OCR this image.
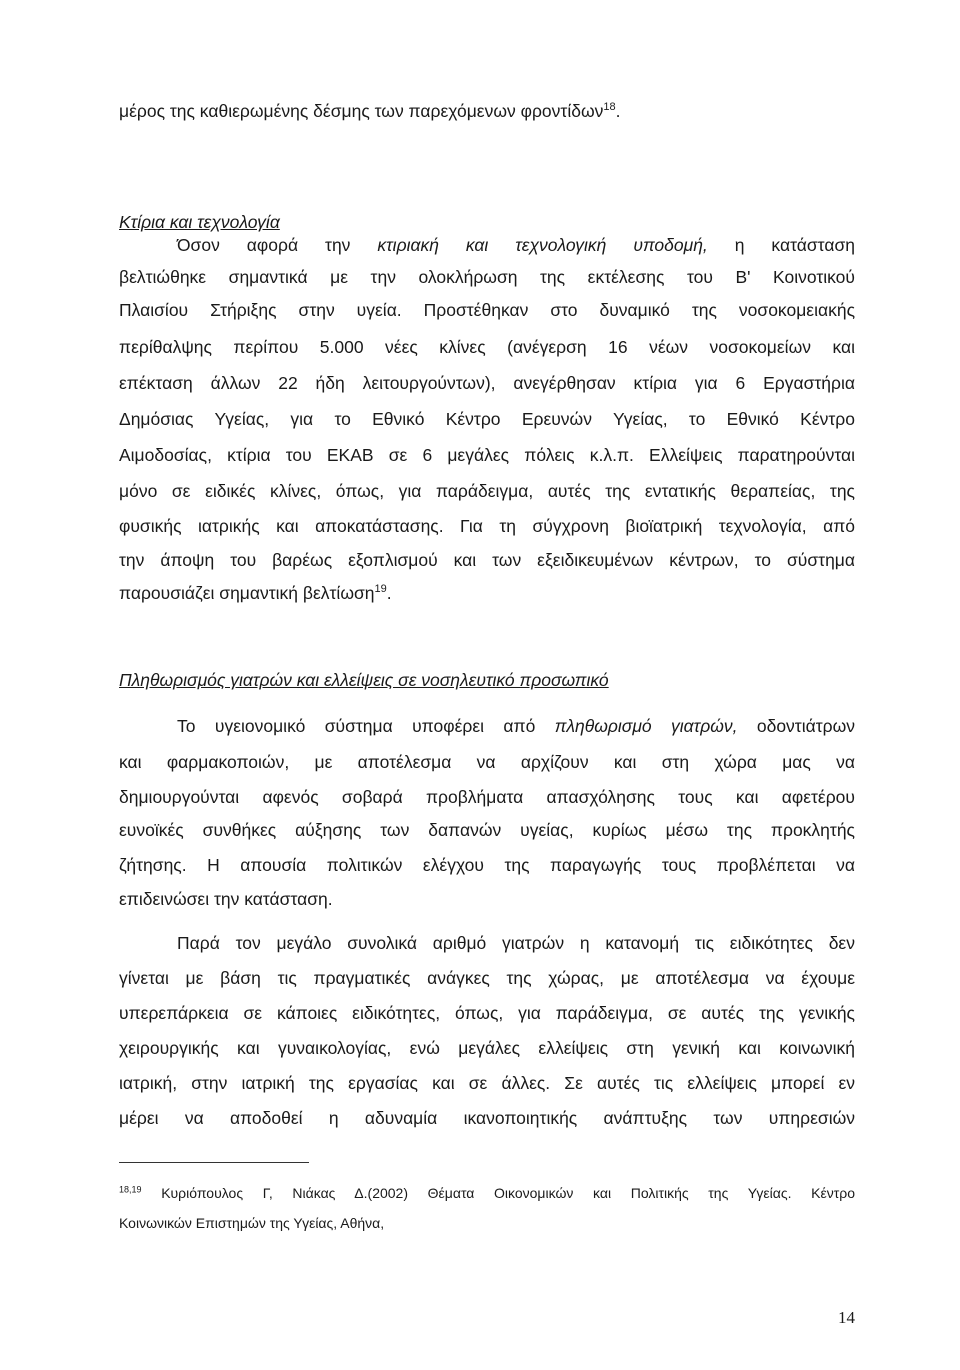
μέρος της καθιερωμένης δέσμης των παρεχόμενων φροντίδων$^{18}$.
Κτίρια και τεχνολογία
Όσον αφορά την κτιριακή και τεχνολογική υποδομή, η κατάσταση
βελτιώθηκε σημαντικά με την ολοκλήρωση της εκτέλεσης του Β' Κοινοτικού
Πλαισίου Στήριξης στην υγεία. Προστέθηκαν στο δυναμικό της νοσοκομειακής
περίθαλψης περίπου 5.000 νέες κλίνες (ανέγερση 16 νέων νοσοκομείων και
επέκταση άλλων 22 ήδη λειτουργούντων), ανεγέρθησαν κτίρια για 6 Εργαστήρια
Δημόσιας Υγείας, για το Εθνικό Κέντρο Ερευνών Υγείας, το Εθνικό Κέντρο
Αιμοδοσίας, κτίρια του ΕΚΑΒ σε 6 μεγάλες πόλεις κ.λ.π. Ελλείψεις παρατηρούνται
μόνο σε ειδικές κλίνες, όπως, για παράδειγμα, αυτές της εντατικής θεραπείας, της
φυσικής ιατρικής και αποκατάστασης. Για τη σύγχρονη βιοϊατρική τεχνολογία, από
την άποψη του βαρέως εξοπλισμού και των εξειδικευμένων κέντρων, το σύστημα
παρουσιάζει σημαντική βελτίωση$^{19}$.
Πληθωρισμός γιατρών και ελλείψεις σε νοσηλευτικό προσωπικό
Το υγειονομικό σύστημα υποφέρει από πληθωρισμό γιατρών, οδοντιάτρων
και φαρμακοποιών, με αποτέλεσμα να αρχίζουν και στη χώρα μας να
δημιουργούνται αφενός σοβαρά προβλήματα απασχόλησης τους και αφετέρου
ευνοϊκές συνθήκες αύξησης των δαπανών υγείας, κυρίως μέσω της προκλητής
ζήτησης. Η απουσία πολιτικών ελέγχου της παραγωγής τους προβλέπεται να
επιδεινώσει την κατάσταση.
Παρά τον μεγάλο συνολικά αριθμό γιατρών η κατανομή τις ειδικότητες δεν
γίνεται με βάση τις πραγματικές ανάγκες της χώρας, με αποτέλεσμα να έχουμε
υπερεπάρκεια σε κάποιες ειδικότητες, όπως, για παράδειγμα, σε αυτές της γενικής
χειρουργικής και γυναικολογίας, ενώ μεγάλες ελλείψεις στη γενική και κοινωνική
ιατρική, στην ιατρική της εργασίας και σε άλλες. Σε αυτές τις ελλείψεις μπορεί εν
μέρει να αποδοθεί η αδυναμία ικανοποιητικής ανάπτυξης των υπηρεσιών
$^{18,19}$ Κυριόπουλος Γ, Νιάκας Δ.(2002) Θέματα Οικονομικών και Πολιτικής της Υγείας. Κέντρο
Κοινωνικών Επιστημών της Υγείας, Αθήνα,
14
